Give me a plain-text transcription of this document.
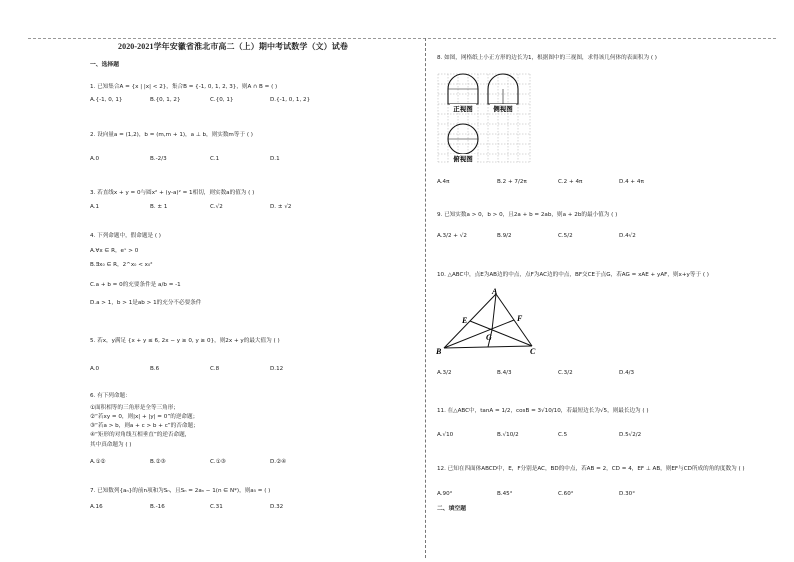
2020-2021学年安徽省淮北市高二（上）期中考试数学（文）试卷
一、选择题
1. 已知集合A = {x | |x| < 2}，集合B = {-1, 0, 1, 2, 3}，则A ∩ B = ( )
A.{-1, 0, 1}	B.{0, 1, 2}	C.{0, 1}	D.{-1, 0, 1, 2}
2. 设向量a = (1,2)，b = (m,m + 1)，a ⊥ b，则实数m等于 ( )
A.0	B.-2/3	C.1	D.1
3. 若直线x + y = 0与圆x² + (y-a)² = 1相切，则实数a的值为 ( )
A.1	B. ± 1	C.√2	D. ± √2
4. 下列命题中，假命题是 ( )
A.∀x ∈ R，eˣ > 0
B.∃x₀ ∈ R，2^x₀ < x₀²
C.a + b = 0的充要条件是 a/b = -1
D.a > 1，b > 1是ab > 1的充分不必要条件
5. 若x，y满足 {x + y ≤ 6, 2x − y ≥ 0, y ≥ 0}，则2x + y的最大值为 ( )
A.0	B.6	C.8	D.12
6. 有下列命题：
①面积相等的三角形是全等三角形；
②“若xy = 0，则|x| + |y| = 0”的逆命题；
③“若a > b，则a + c > b + c”的否命题；
④“矩形的对角线互相垂直”的逆否命题，
其中真命题为 ( )
A.①②	B.②③	C.①③	D.②④
7. 已知数列{aₙ}的前n项和为Sₙ，且Sₙ = 2aₙ − 1(n ∈ N*)，则a₅ = ( )
A.16	B.-16	C.31	D.32
8. 如图，网格纸上小正方形的边长为1，根据图中的三视图，求得该几何体的表面积为 ( )
正视图	侧视图
俯视图
A.4π	B.2 + 7/2π	C.2 + 4π	D.4 + 4π
9. 已知实数a > 0，b > 0，且2a + b = 2ab，则a + 2b的最小值为 ( )
A.3/2 + √2	B.9/2	C.5/2	D.4√2
10. △ABC中，点E为AB边的中点，点F为AC边的中点，BF交CE于点G，若AG = xAE + yAF，则x+y等于 ( )
A
E	F
G
B	C
A.3/2	B.4/3	C.3/2	D.4/3
11. 在△ABC中，tanA = 1/2，cosB = 3√10/10，若最短边长为√5，则最长边为 ( )
A.√10	B.√10/2	C.5	D.5√2/2
12. 已知在四面体ABCD中，E，F分别是AC，BD的中点，若AB = 2，CD = 4，EF ⊥ AB，则EF与CD所成的角的度数为 ( )
A.90°	B.45°	C.60°	D.30°
二、填空题
